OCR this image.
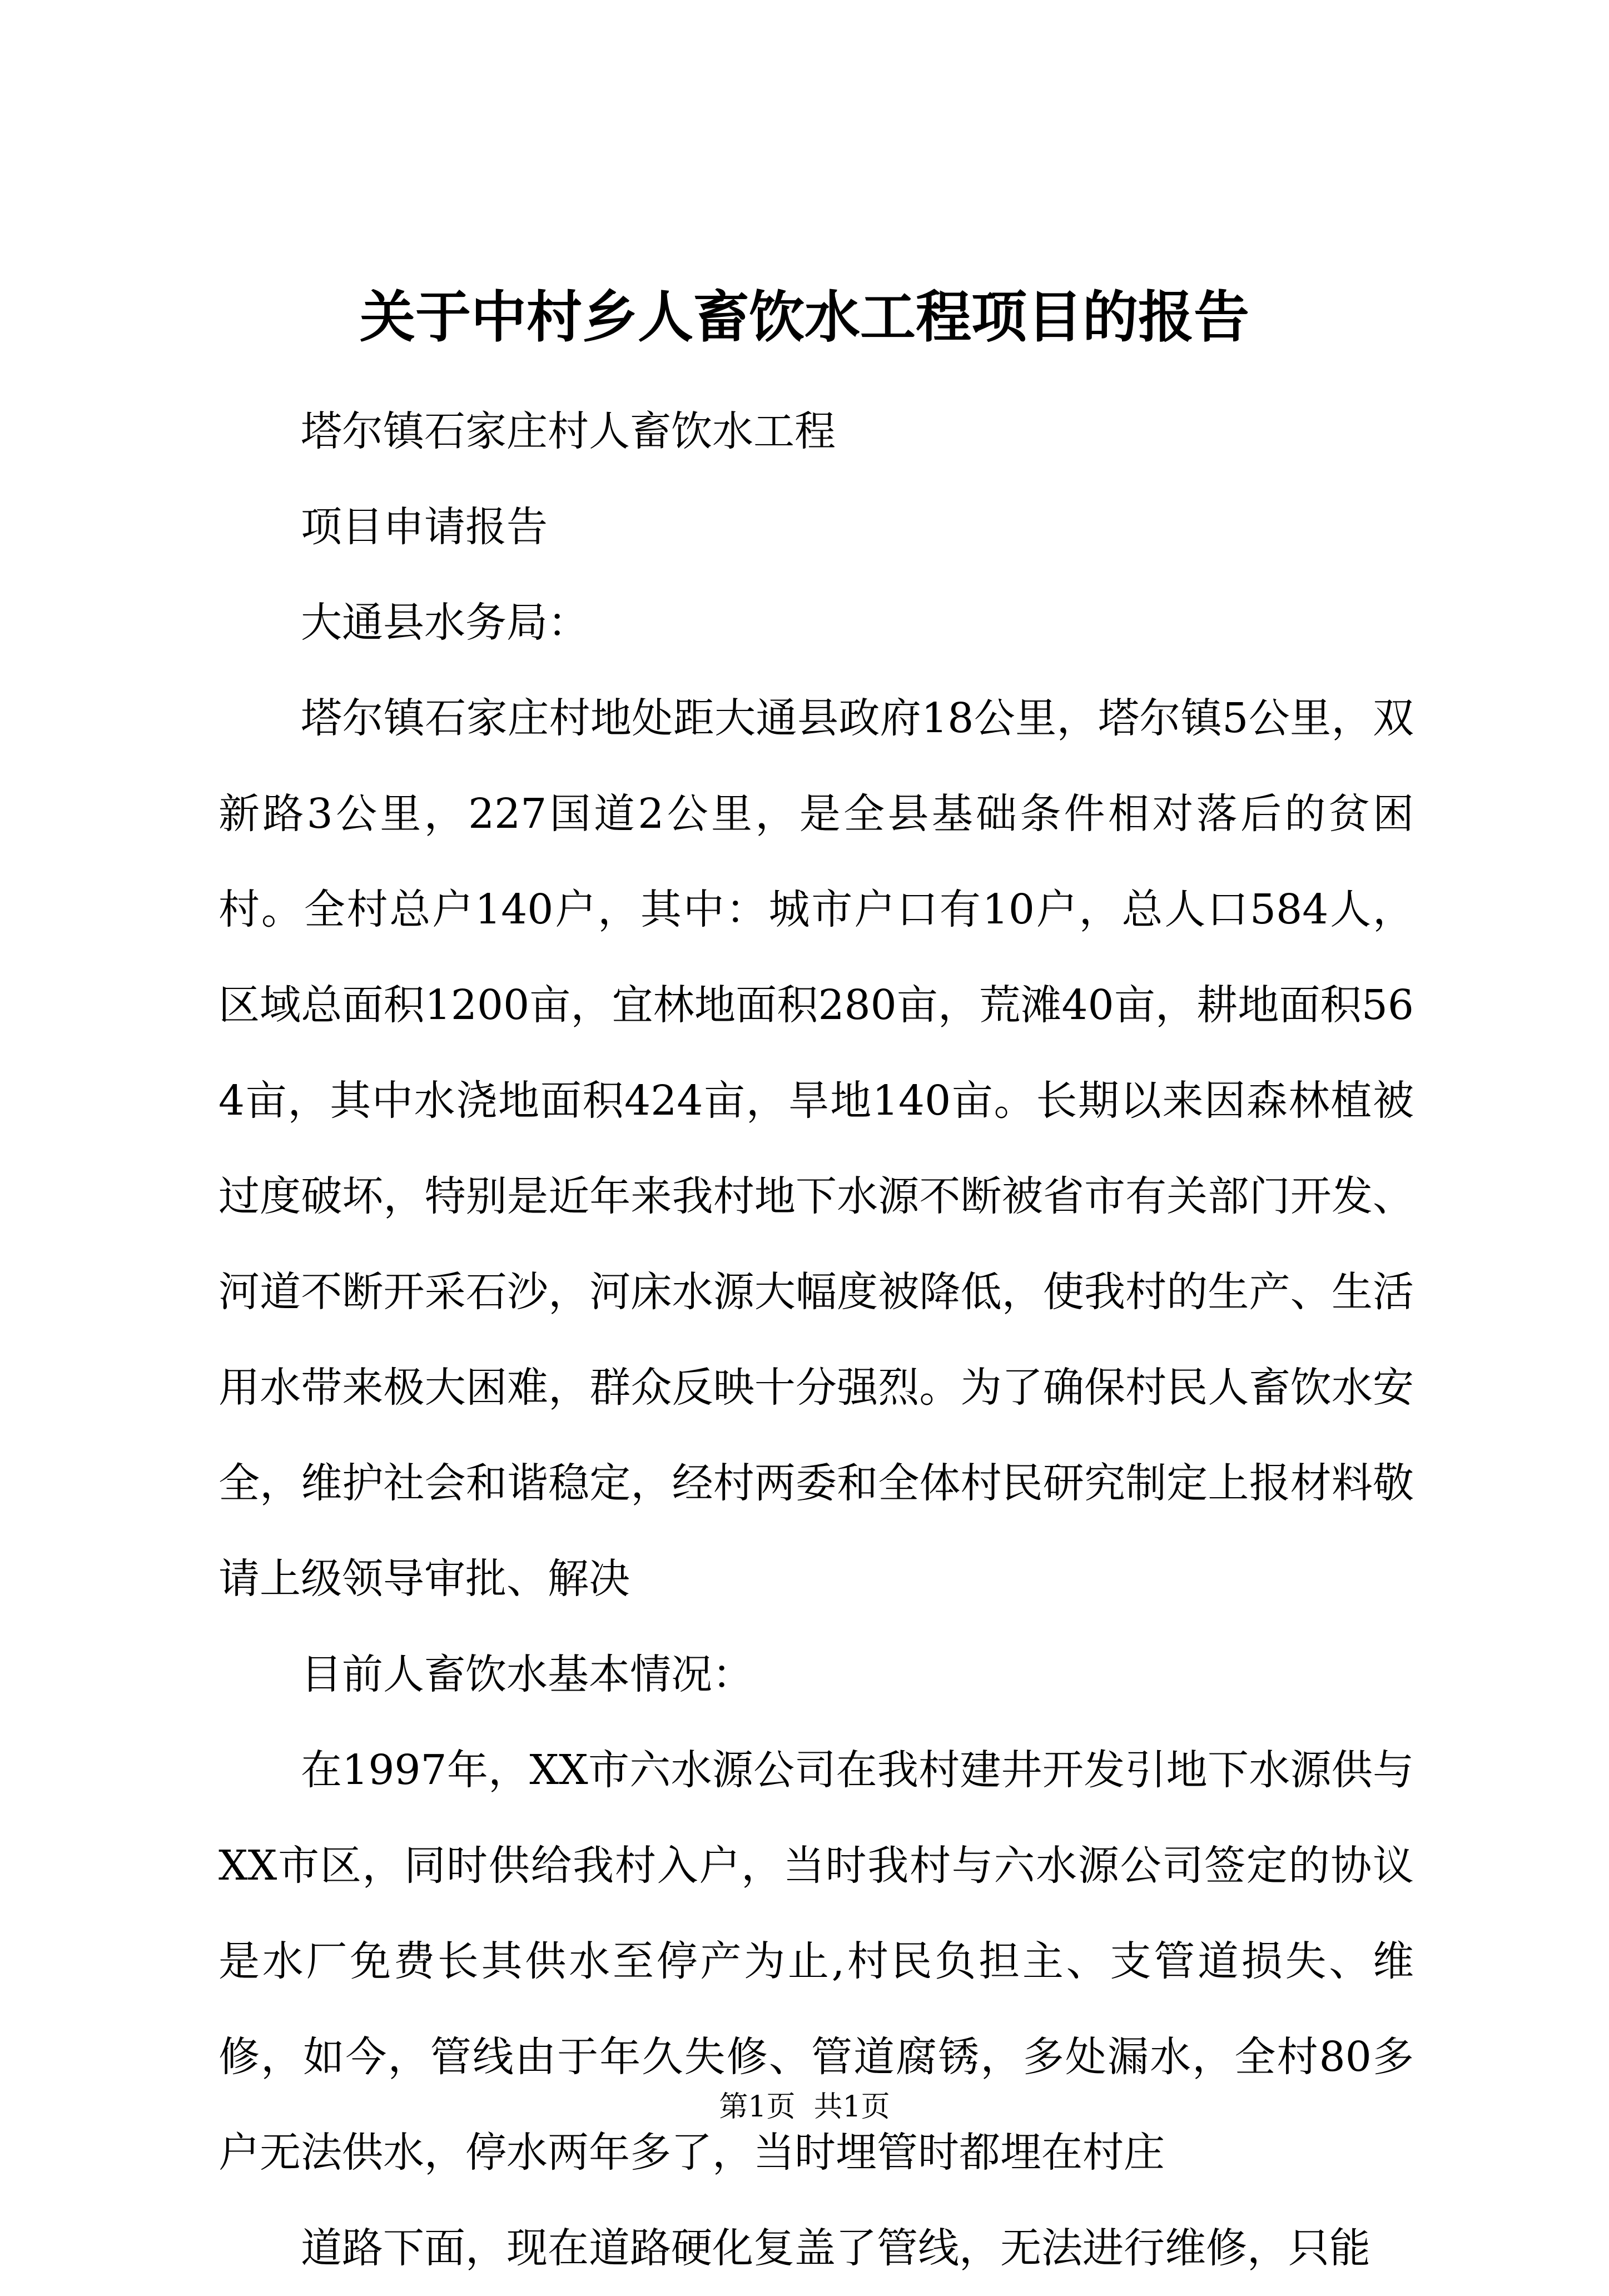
关于中村乡人畜饮水工程项目的报告

塔尔镇石家庄村人畜饮水工程

项目申请报告

大通县水务局：

塔尔镇石家庄村地处距大通县政府18公里，塔尔镇5公里，双新路3公里，227国道2公里，是全县基础条件相对落后的贫困村。全村总户140户，其中：城市户口有10户，总人口584人，区域总面积1200亩，宜林地面积280亩，荒滩40亩，耕地面积564亩，其中水浇地面积424亩，旱地140亩。长期以来因森林植被过度破坏，特别是近年来我村地下水源不断被省市有关部门开发、河道不断开采石沙，河床水源大幅度被降低，使我村的生产、生活用水带来极大困难，群众反映十分强烈。为了确保村民人畜饮水安全，维护社会和谐稳定，经村两委和全体村民研究制定上报材料敬请上级领导审批、解决

目前人畜饮水基本情况：

在1997年，XX市六水源公司在我村建井开发引地下水源供与XX市区，同时供给我村入户，当时我村与六水源公司签定的协议是水厂免费长其供水至停产为止,村民负担主、支管道损失、维修，如今，管线由于年久失修、管道腐锈，多处漏水，全村80多户无法供水，停水两年多了，当时埋管时都埋在村庄

道路下面，现在道路硬化复盖了管线，无法进行维修，只能

第1页  共1页
